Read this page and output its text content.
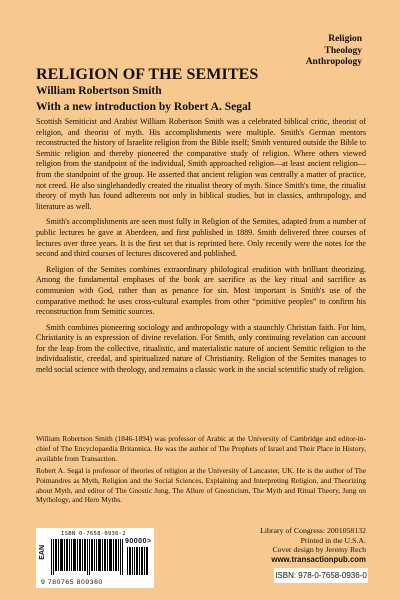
Religion
Theology
Anthropology
RELIGION OF THE SEMITES
William Robertson Smith
With a new introduction by Robert A. Segal

Scottish Semiticist and Arabist William Robertson Smith was a celebrated biblical critic, theorist of religion, and theorist of myth. His accomplishments were multiple. Smith's German mentors reconstructed the history of Israelite religion from the Bible itself; Smith ventured outside the Bible to Semitic religion and thereby pioneered the comparative study of religion. Where others viewed religion from the standpoint of the individual, Smith approached religion—at least ancient religion—from the standpoint of the group. He asserted that ancient religion was centrally a matter of practice, not creed. He also singlehandedly created the ritualist theory of myth. Since Smith's time, the ritualist theory of myth has found adherents not only in biblical studies, but in classics, anthropology, and literature as well.

Smith's accomplishments are seen most fully in Religion of the Semites, adapted from a number of public lectures he gave at Aberdeen, and first published in 1889. Smith delivered three courses of lectures over three years. It is the first set that is reprinted here. Only recently were the notes for the second and third courses of lectures discovered and published.

Religion of the Semites combines extraordinary philological erudition with brilliant theorizing. Among the fundamental emphases of the book are sacrifice as the key ritual and sacrifice as communion with God, rather than as penance for sin. Most important is Smith's use of the comparative method: he uses cross-cultural examples from other “primitive peoples” to confirm his reconstruction from Semitic sources.

Smith combines pioneering sociology and anthropology with a staunchly Christian faith. For him, Christianity is an expression of divine revelation. For Smith, only continuing revelation can account for the leap from the collective, ritualistic, and materialistic nature of ancient Semitic religion to the individualistic, creedal, and spiritualized nature of Christianity. Religion of the Semites manages to meld social science with theology, and remains a classic work in the social scientific study of religion.

William Robertson Smith (1846-1894) was professor of Arabic at the University of Cambridge and editor-in-chief of The Encyclopaedia Britannica. He was the author of The Prophets of Israel and Their Place in History, available from Transaction.

Robert A. Segal is professor of theories of religion at the University of Lancaster, UK. He is the author of The Poimandres as Myth, Religion and the Social Sciences, Explaining and Interpreting Religion, and Theorizing about Myth, and editor of The Gnostic Jung, The Allure of Gnosticism, The Myth and Ritual Theory, Jung on Mythology, and Hero Myths.

ISBN 0-7658-0936-2
EAN
90000>
9 780765 809360
Library of Congress: 2001058132
Printed in the U.S.A.
Cover design by Jeremy Rech
www.transactionpub.com
ISBN: 978-0-7658-0936-0
